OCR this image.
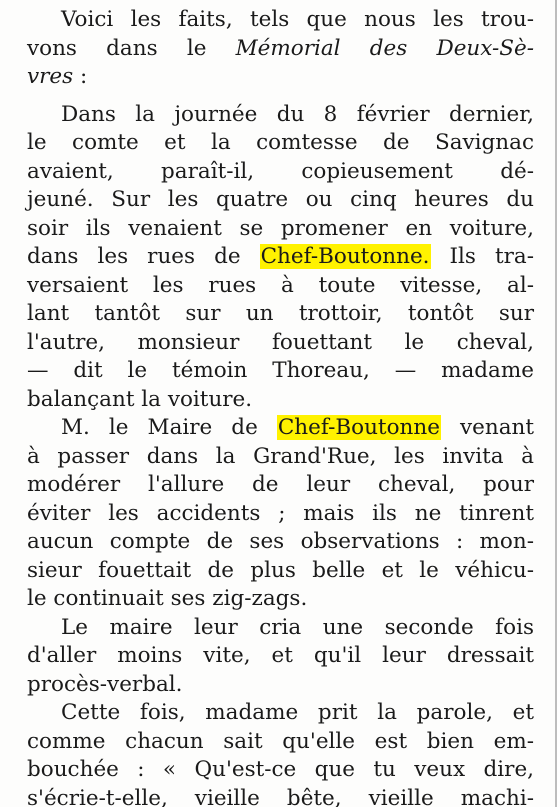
Voici les faits, tels que nous les trou-
vons dans le Mémorial des Deux-Sè-
vres :
Dans la journée du 8 février dernier,
le comte et la comtesse de Savignac
avaient, paraît-il, copieusement dé-
jeuné. Sur les quatre ou cinq heures du
soir ils venaient se promener en voiture,
dans les rues de Chef-Boutonne. Ils tra-
versaient les rues à toute vitesse, al-
lant tantôt sur un trottoir, tontôt sur
l'autre, monsieur fouettant le cheval,
— dit le témoin Thoreau, — madame
balançant la voiture.
M. le Maire de Chef-Boutonne venant
à passer dans la Grand'Rue, les invita à
modérer l'allure de leur cheval, pour
éviter les accidents ; mais ils ne tinrent
aucun compte de ses observations : mon-
sieur fouettait de plus belle et le véhicu-
le continuait ses zig-zags.
Le maire leur cria une seconde fois
d'aller moins vite, et qu'il leur dressait
procès-verbal.
Cette fois, madame prit la parole, et
comme chacun sait qu'elle est bien em-
bouchée : « Qu'est-ce que tu veux dire,
s'écrie-t-elle, vieille bête, vieille machi-
